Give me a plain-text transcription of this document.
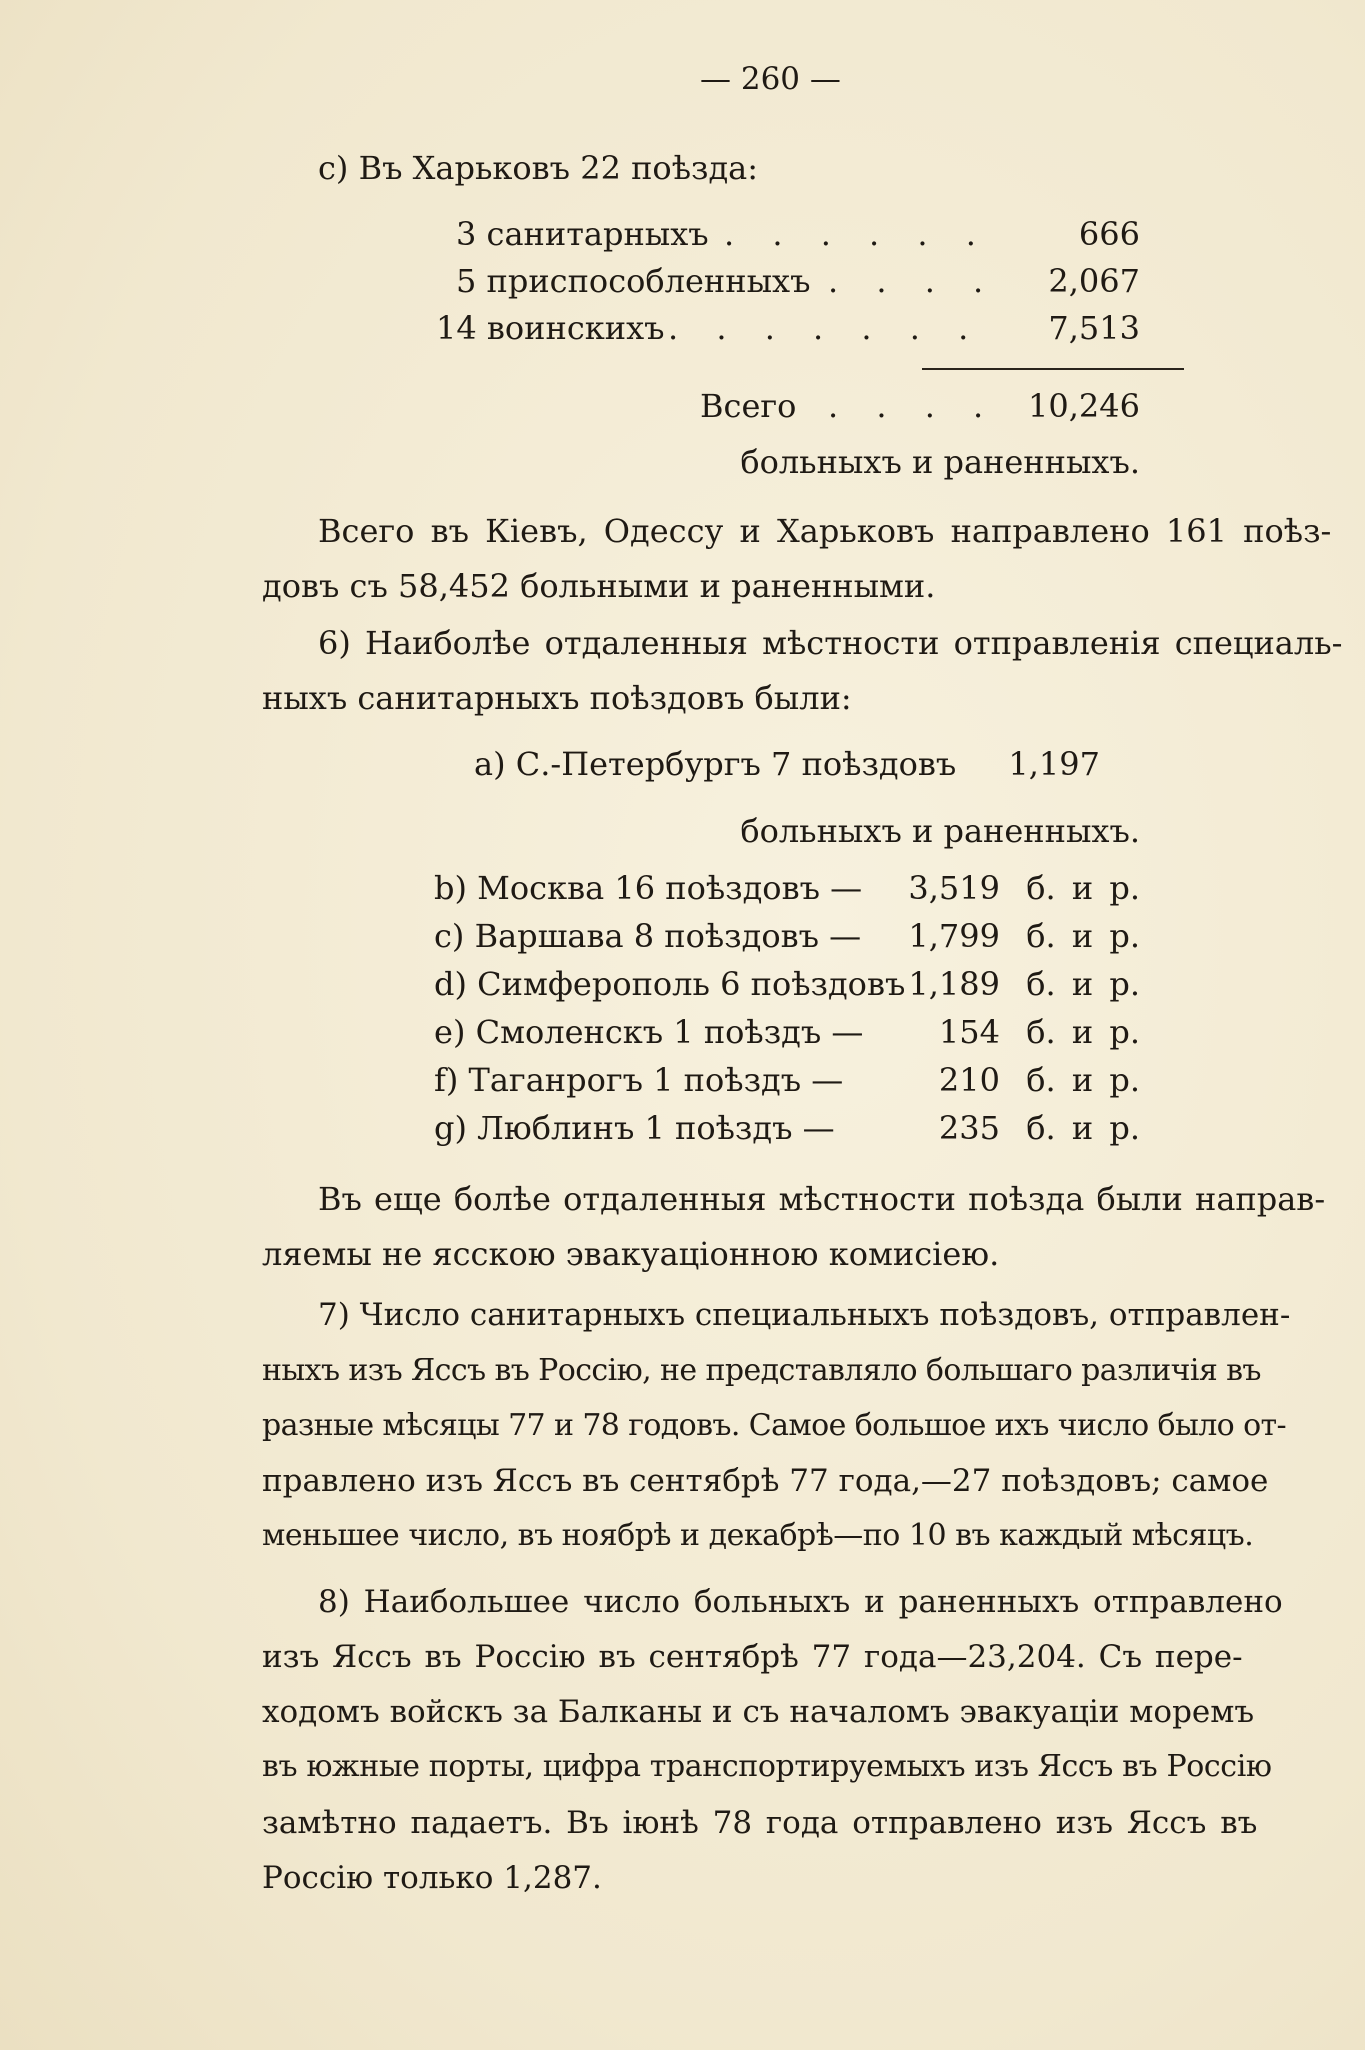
— 260 —
с) Въ Харьковъ 22 поѣзда:
3 санитарныхъ . . . . . .	666
5 приспособленныхъ . . . . 2,067
14 воинскихъ . . . . . . . 7,513
Всего . . . . 10,246
больныхъ и раненныхъ.
Всего въ Кіевъ, Одессу и Харьковъ направлено 161 поѣз-
довъ съ 58,452 больными и раненными.
6) Наиболѣе отдаленныя мѣстности отправленія специаль-
ныхъ санитарныхъ поѣздовъ были:
а) С.-Петербургъ 7 поѣздовъ 1,197
больныхъ и раненныхъ.
b) Москва 16 поѣздовъ — 3,519 б. и р.
с) Варшава 8 поѣздовъ — 1,799 б. и р.
d) Симферополь 6 поѣздовъ 1,189 б. и р.
е) Смоленскъ 1 поѣздъ — 154 б. и р.
f) Таганрогъ 1 поѣздъ —	210 б. и р.
g) Люблинъ 1 поѣздъ —	235 б. и р.
Въ еще болѣе отдаленныя мѣстности поѣзда были направ-
ляемы не ясскою эвакуаціонною комисіею.
7) Число санитарныхъ специальныхъ поѣздовъ, отправлен-
ныхъ изъ Яссъ въ Россію, не представляло большаго различія въ
разные мѣсяцы 77 и 78 годовъ. Самое большое ихъ число было от-
правлено изъ Яссъ въ сентябрѣ 77 года,—27 поѣздовъ; самое
меньшее число, въ ноябрѣ и декабрѣ—по 10 въ каждый мѣсяцъ.
8) Наибольшее число больныхъ и раненныхъ отправлено
изъ Яссъ въ Россію въ сентябрѣ 77 года—23,204. Съ пере-
ходомъ войскъ за Балканы и съ началомъ эвакуаціи моремъ
въ южные порты, цифра транспортируемыхъ изъ Яссъ въ Россію
замѣтно падаетъ. Въ іюнѣ 78 года отправлено изъ Яссъ въ
Россію только 1,287.
